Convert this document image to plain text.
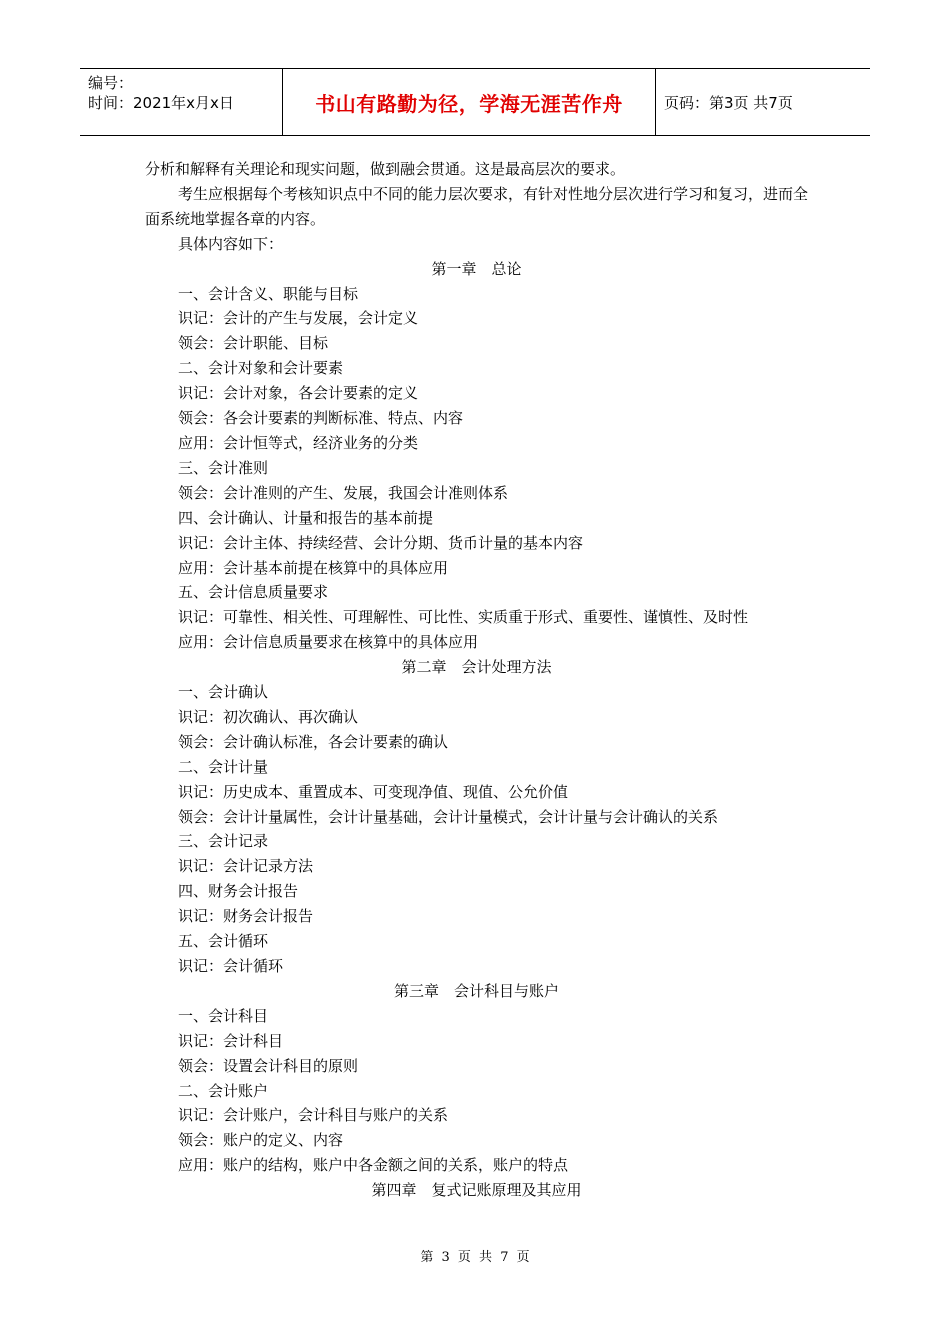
编号：
时间：2021年x月x日	书山有路勤为径，学海无涯苦作舟	页码：第3页 共7页

分析和解释有关理论和现实问题，做到融会贯通。这是最高层次的要求。

考生应根据每个考核知识点中不同的能力层次要求，有针对性地分层次进行学习和复习，进而全面系统地掌握各章的内容。

具体内容如下：

第一章　总论

一、会计含义、职能与目标

识记：会计的产生与发展，会计定义

领会：会计职能、目标

二、会计对象和会计要素

识记：会计对象，各会计要素的定义

领会：各会计要素的判断标准、特点、内容

应用：会计恒等式，经济业务的分类

三、会计准则

领会：会计准则的产生、发展，我国会计准则体系

四、会计确认、计量和报告的基本前提

识记：会计主体、持续经营、会计分期、货币计量的基本内容

应用：会计基本前提在核算中的具体应用

五、会计信息质量要求

识记：可靠性、相关性、可理解性、可比性、实质重于形式、重要性、谨慎性、及时性

应用：会计信息质量要求在核算中的具体应用

第二章　会计处理方法

一、会计确认

识记：初次确认、再次确认

领会：会计确认标准，各会计要素的确认

二、会计计量

识记：历史成本、重置成本、可变现净值、现值、公允价值

领会：会计计量属性，会计计量基础，会计计量模式，会计计量与会计确认的关系

三、会计记录

识记：会计记录方法

四、财务会计报告

识记：财务会计报告

五、会计循环

识记：会计循环

第三章　会计科目与账户

一、会计科目

识记：会计科目

领会：设置会计科目的原则

二、会计账户

识记：会计账户，会计科目与账户的关系

领会：账户的定义、内容

应用：账户的结构，账户中各金额之间的关系，账户的特点

第四章　复式记账原理及其应用

第 3 页 共 7 页
